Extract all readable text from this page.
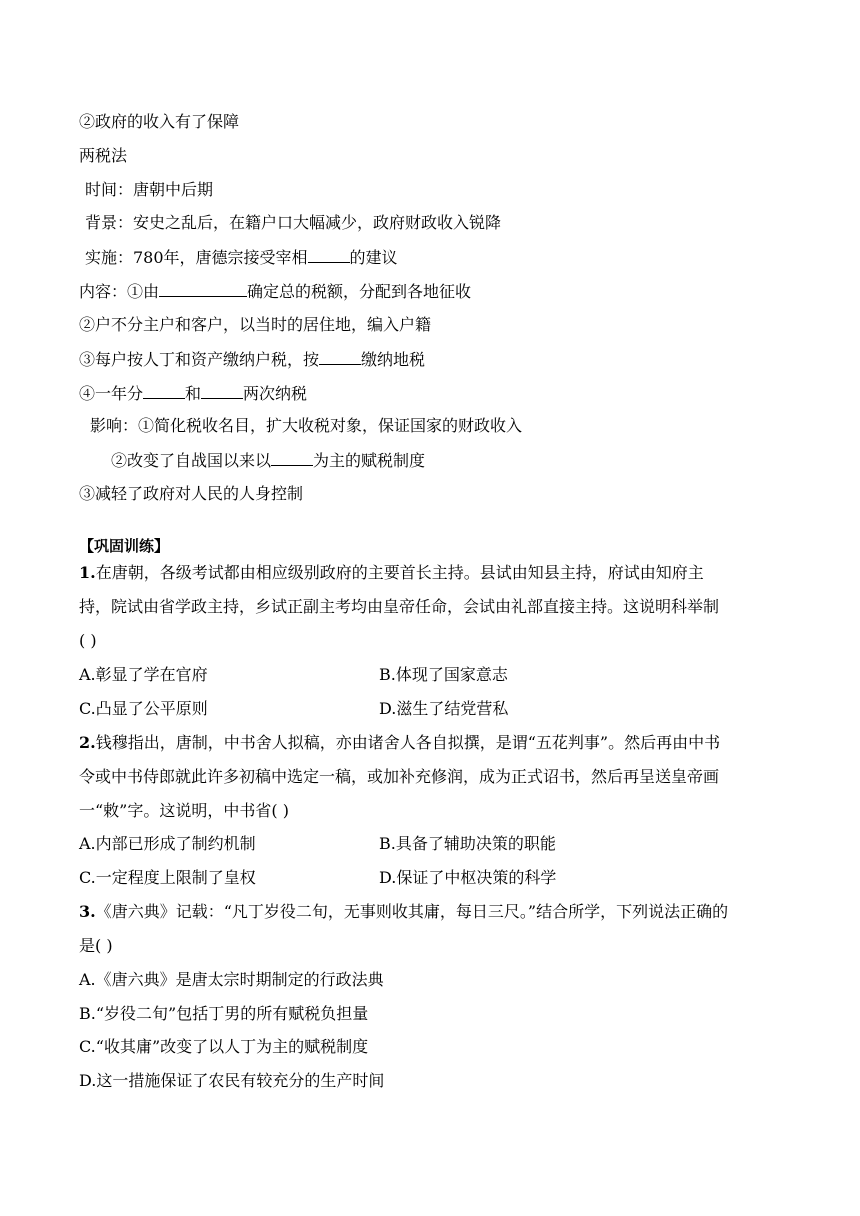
②政府的收入有了保障
两税法
时间：唐朝中后期
背景：安史之乱后，在籍户口大幅减少，政府财政收入锐降
实施：780年，唐德宗接受宰相	的建议
内容：①由	确定总的税额，分配到各地征收
②户不分主户和客户，以当时的居住地，编入户籍
③每户按人丁和资产缴纳户税，按	缴纳地税
④一年分	和	两次纳税
影响：①简化税收名目，扩大收税对象，保证国家的财政收入
②改变了自战国以来以	为主的赋税制度
③减轻了政府对人民的人身控制
【巩固训练】
1.在唐朝，各级考试都由相应级别政府的主要首长主持。县试由知县主持，府试由知府主
持，院试由省学政主持，乡试正副主考均由皇帝任命，会试由礼部直接主持。这说明科举制
( )
A.彰显了学在官府	B.体现了国家意志
C.凸显了公平原则	D.滋生了结党营私
2.钱穆指出，唐制，中书舍人拟稿，亦由诸舍人各自拟撰，是谓“五花判事”。然后再由中书
令或中书侍郎就此许多初稿中选定一稿，或加补充修润，成为正式诏书，然后再呈送皇帝画
一“敕”字。这说明，中书省( )
A.内部已形成了制约机制	B.具备了辅助决策的职能
C.一定程度上限制了皇权	D.保证了中枢决策的科学
3.《唐六典》记载：“凡丁岁役二旬，无事则收其庸，每日三尺。”结合所学，下列说法正确的
是( )
A.《唐六典》是唐太宗时期制定的行政法典
B.“岁役二旬”包括丁男的所有赋税负担量
C.“收其庸”改变了以人丁为主的赋税制度
D.这一措施保证了农民有较充分的生产时间
